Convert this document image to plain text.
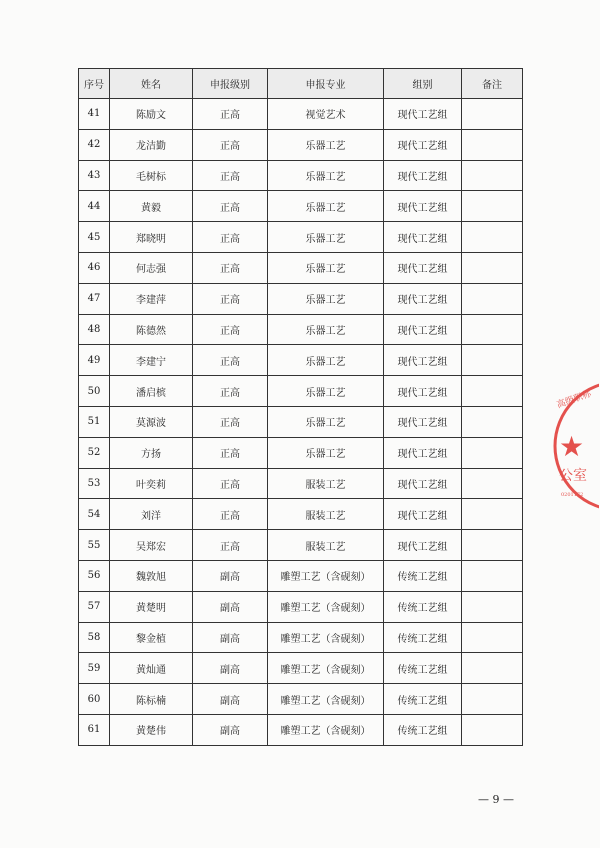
序号	姓名	申报级别	申报专业	组别	备注
41	陈励文	正高	视觉艺术	现代工艺组	
42	龙洁勤	正高	乐器工艺	现代工艺组	
43	毛树标	正高	乐器工艺	现代工艺组	
44	黄毅	正高	乐器工艺	现代工艺组	
45	郑晓明	正高	乐器工艺	现代工艺组	
46	何志强	正高	乐器工艺	现代工艺组	
47	李建萍	正高	乐器工艺	现代工艺组	
48	陈德然	正高	乐器工艺	现代工艺组	
49	李建宁	正高	乐器工艺	现代工艺组	
50	潘启槟	正高	乐器工艺	现代工艺组	
51	莫源波	正高	乐器工艺	现代工艺组	
52	方扬	正高	乐器工艺	现代工艺组	
53	叶奕莉	正高	服装工艺	现代工艺组	
54	刘洋	正高	服装工艺	现代工艺组	
55	吴郑宏	正高	服装工艺	现代工艺组	
56	魏敦旭	副高	雕塑工艺（含砚刻）	传统工艺组	
57	黄楚明	副高	雕塑工艺（含砚刻）	传统工艺组	
58	黎金植	副高	雕塑工艺（含砚刻）	传统工艺组	
59	黄灿通	副高	雕塑工艺（含砚刻）	传统工艺组	
60	陈标楠	副高	雕塑工艺（含砚刻）	传统工艺组	
61	黄楚伟	副高	雕塑工艺（含砚刻）	传统工艺组	
— 9 —
高级职称
★
公室
0201172
